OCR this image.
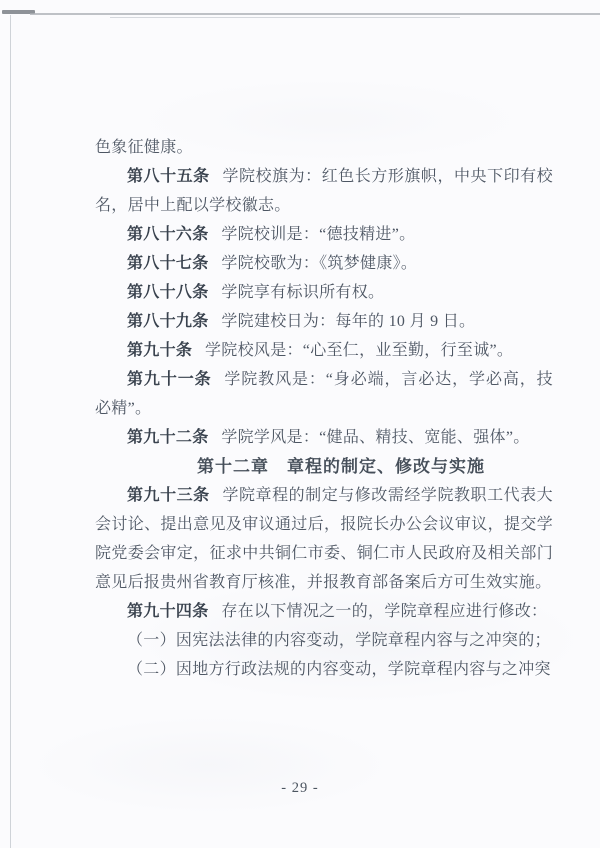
色象征健康。

第八十五条 学院校旗为：红色长方形旗帜，中央下印有校名，居中上配以学校徽志。

第八十六条 学院校训是：“德技精进”。

第八十七条 学院校歌为：《筑梦健康》。

第八十八条 学院享有标识所有权。

第八十九条 学院建校日为：每年的 10 月 9 日。

第九十条 学院校风是：“心至仁，业至勤，行至诚”。

第九十一条 学院教风是：“身必端，言必达，学必高，技必精”。

第九十二条 学院学风是：“健品、精技、宽能、强体”。

第十二章　章程的制定、修改与实施

第九十三条 学院章程的制定与修改需经学院教职工代表大会讨论、提出意见及审议通过后，报院长办公会议审议，提交学院党委会审定，征求中共铜仁市委、铜仁市人民政府及相关部门意见后报贵州省教育厅核准，并报教育部备案后方可生效实施。

第九十四条 存在以下情况之一的，学院章程应进行修改：

（一）因宪法法律的内容变动，学院章程内容与之冲突的；

（二）因地方行政法规的内容变动，学院章程内容与之冲突

- 29 -
